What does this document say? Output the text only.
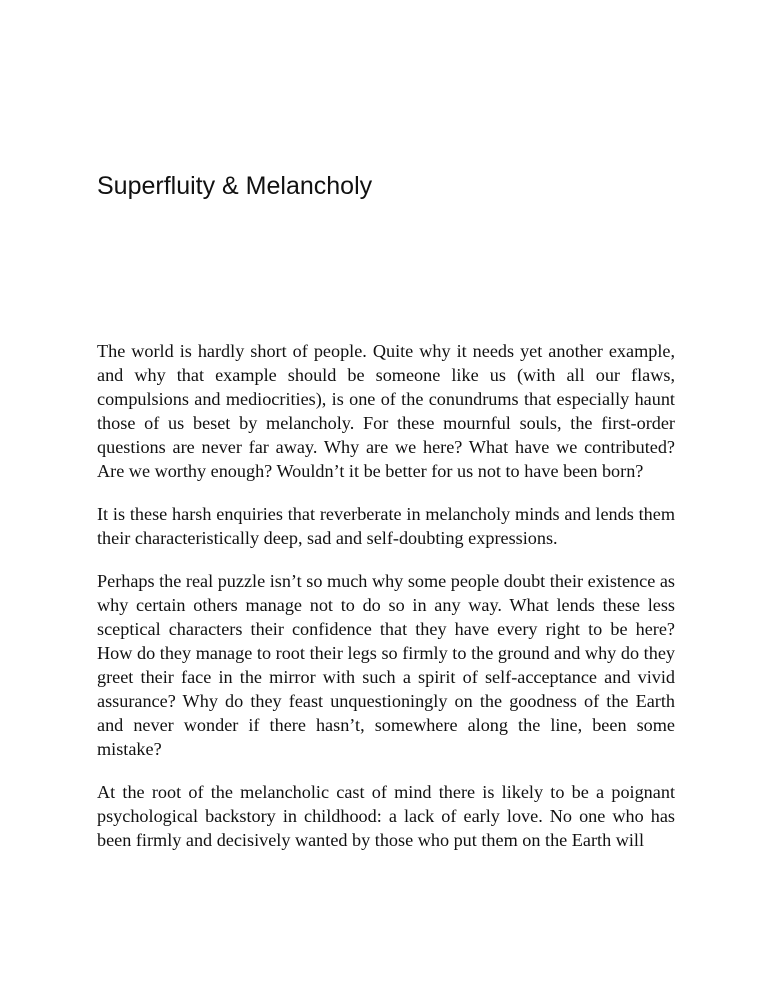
Superfluity & Melancholy

The world is hardly short of people. Quite why it needs yet another example, and why that example should be someone like us (with all our flaws, compulsions and mediocrities), is one of the conundrums that especially haunt those of us beset by melancholy. For these mournful souls, the first-order questions are never far away. Why are we here? What have we contributed? Are we worthy enough? Wouldn’t it be better for us not to have been born?

It is these harsh enquiries that reverberate in melancholy minds and lends them their characteristically deep, sad and self-doubting expressions.

Perhaps the real puzzle isn’t so much why some people doubt their existence as why certain others manage not to do so in any way. What lends these less sceptical characters their confidence that they have every right to be here? How do they manage to root their legs so firmly to the ground and why do they greet their face in the mirror with such a spirit of self-acceptance and vivid assurance? Why do they feast unquestioningly on the goodness of the Earth and never wonder if there hasn’t, somewhere along the line, been some mistake?

At the root of the melancholic cast of mind there is likely to be a poignant psychological backstory in childhood: a lack of early love. No one who has been firmly and decisively wanted by those who put them on the Earth will
